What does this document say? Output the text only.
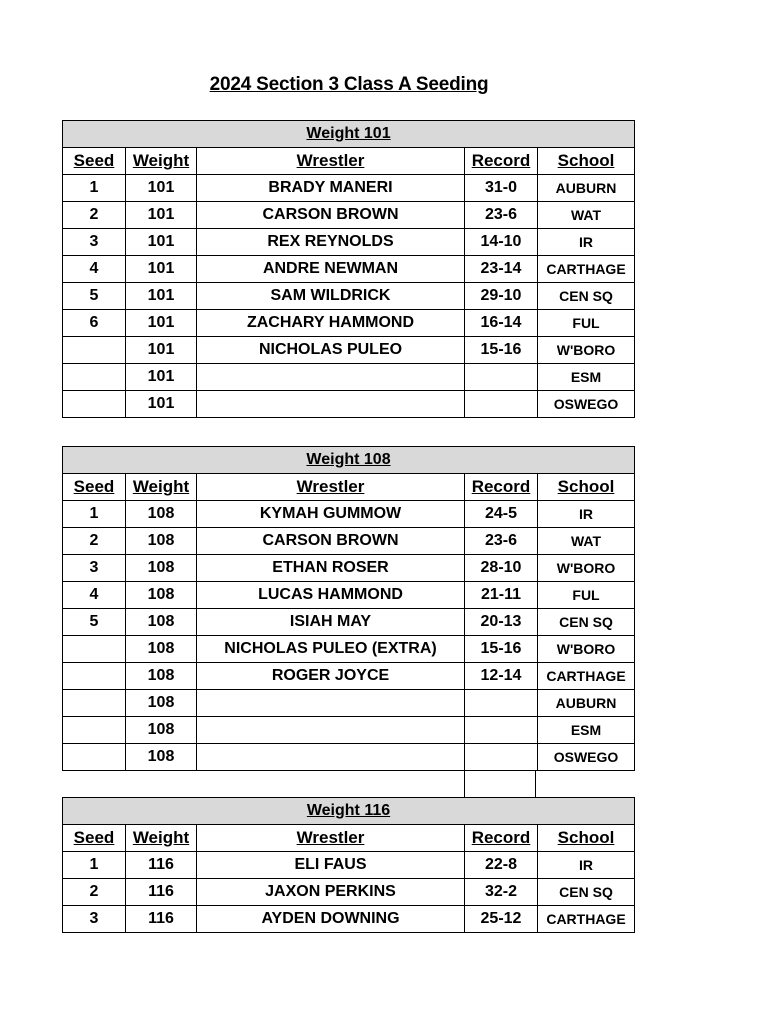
2024 Section 3 Class A Seeding
Weight 101				
Seed	Weight	Wrestler	Record	School
1	101	BRADY MANERI	31-0	AUBURN
2	101	CARSON BROWN	23-6	WAT
3	101	REX REYNOLDS	14-10	IR
4	101	ANDRE NEWMAN	23-14	CARTHAGE
5	101	SAM WILDRICK	29-10	CEN SQ
6	101	ZACHARY HAMMOND	16-14	FUL
	101	NICHOLAS PULEO	15-16	W'BORO
	101			ESM
	101			OSWEGO
Weight 108				
Seed	Weight	Wrestler	Record	School
1	108	KYMAH GUMMOW	24-5	IR
2	108	CARSON BROWN	23-6	WAT
3	108	ETHAN ROSER	28-10	W'BORO
4	108	LUCAS HAMMOND	21-11	FUL
5	108	ISIAH MAY	20-13	CEN SQ
	108	NICHOLAS PULEO (EXTRA)	15-16	W'BORO
	108	ROGER JOYCE	12-14	CARTHAGE
	108			AUBURN
	108			ESM
	108			OSWEGO
Weight 116				
Seed	Weight	Wrestler	Record	School
1	116	ELI FAUS	22-8	IR
2	116	JAXON PERKINS	32-2	CEN SQ
3	116	AYDEN DOWNING	25-12	CARTHAGE
